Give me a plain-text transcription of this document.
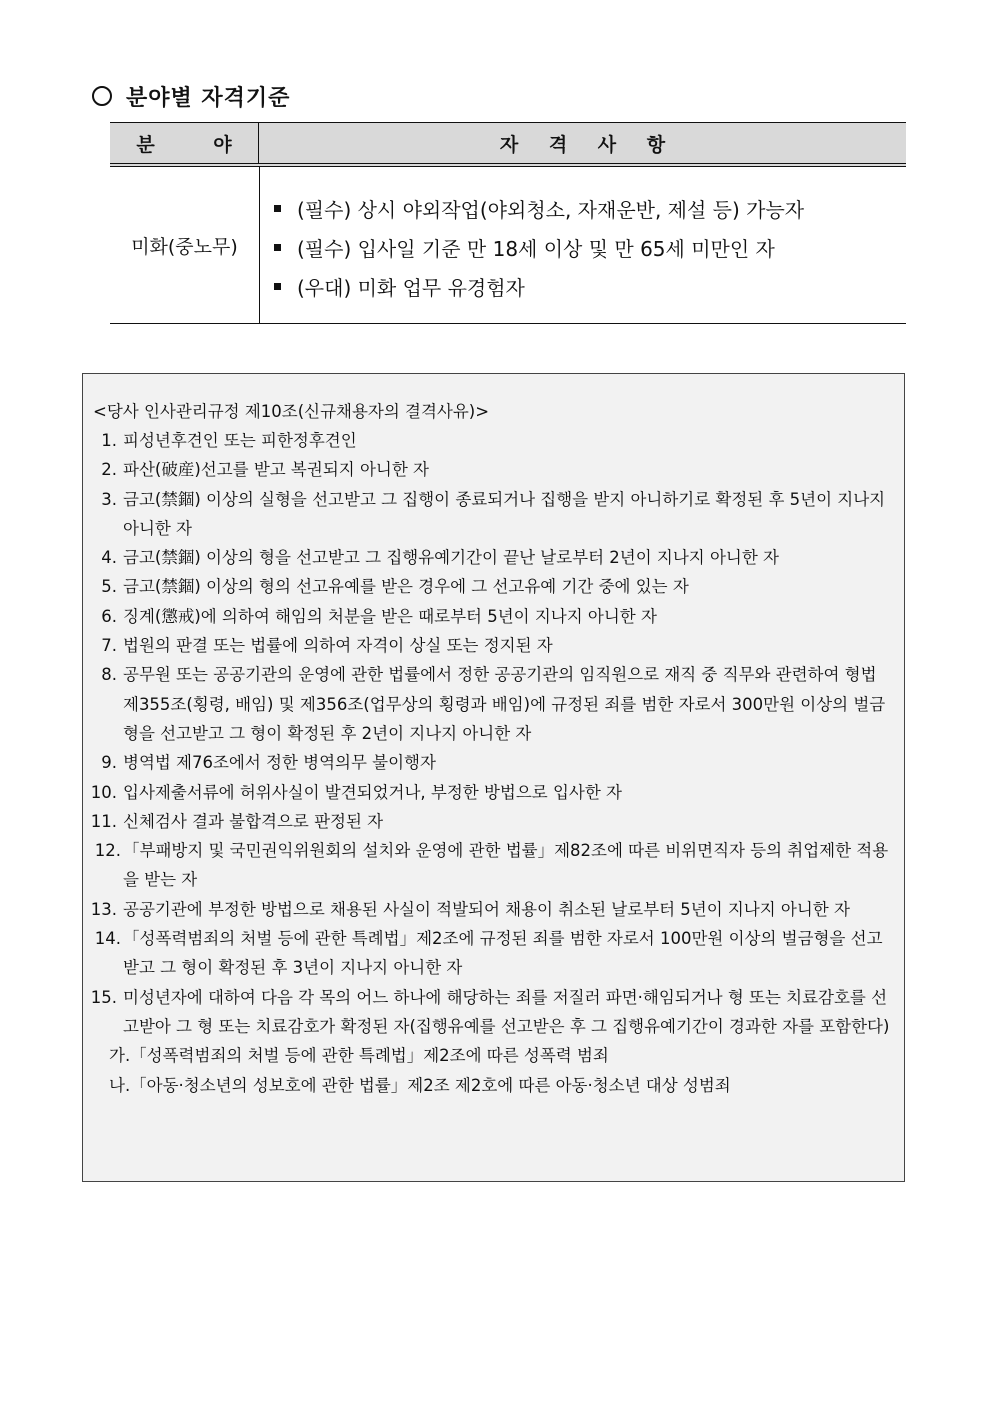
분야별 자격기준
분 야	자 격 사 항
미화(중노무)
(필수) 상시 야외작업(야외청소, 자재운반, 제설 등) 가능자
(필수) 입사일 기준 만 18세 이상 및 만 65세 미만인 자
(우대) 미화 업무 유경험자
<당사 인사관리규정 제10조(신규채용자의 결격사유)>
1. 피성년후견인 또는 피한정후견인
2. 파산(破産)선고를 받고 복권되지 아니한 자
3. 금고(禁錮) 이상의 실형을 선고받고 그 집행이 종료되거나 집행을 받지 아니하기로 확정된 후 5년이 지나지 아니한 자
4. 금고(禁錮) 이상의 형을 선고받고 그 집행유예기간이 끝난 날로부터 2년이 지나지 아니한 자
5. 금고(禁錮) 이상의 형의 선고유예를 받은 경우에 그 선고유예 기간 중에 있는 자
6. 징계(懲戒)에 의하여 해임의 처분을 받은 때로부터 5년이 지나지 아니한 자
7. 법원의 판결 또는 법률에 의하여 자격이 상실 또는 정지된 자
8. 공무원 또는 공공기관의 운영에 관한 법률에서 정한 공공기관의 임직원으로 재직 중 직무와 관련하여 형법 제355조(횡령, 배임) 및 제356조(업무상의 횡령과 배임)에 규정된 죄를 범한 자로서 300만원 이상의 벌금형을 선고받고 그 형이 확정된 후 2년이 지나지 아니한 자
9. 병역법 제76조에서 정한 병역의무 불이행자
10. 입사제출서류에 허위사실이 발견되었거나, 부정한 방법으로 입사한 자
11. 신체검사 결과 불합격으로 판정된 자
12. 「부패방지 및 국민권익위원회의 설치와 운영에 관한 법률」제82조에 따른 비위면직자 등의 취업제한 적용을 받는 자
13. 공공기관에 부정한 방법으로 채용된 사실이 적발되어 채용이 취소된 날로부터 5년이 지나지 아니한 자
14. 「성폭력범죄의 처벌 등에 관한 특례법」제2조에 규정된 죄를 범한 자로서 100만원 이상의 벌금형을 선고받고 그 형이 확정된 후 3년이 지나지 아니한 자
15. 미성년자에 대하여 다음 각 목의 어느 하나에 해당하는 죄를 저질러 파면·해임되거나 형 또는 치료감호를 선고받아 그 형 또는 치료감호가 확정된 자(집행유예를 선고받은 후 그 집행유예기간이 경과한 자를 포함한다)
가.「성폭력범죄의 처벌 등에 관한 특례법」제2조에 따른 성폭력 범죄
나.「아동·청소년의 성보호에 관한 법률」제2조 제2호에 따른 아동·청소년 대상 성범죄
